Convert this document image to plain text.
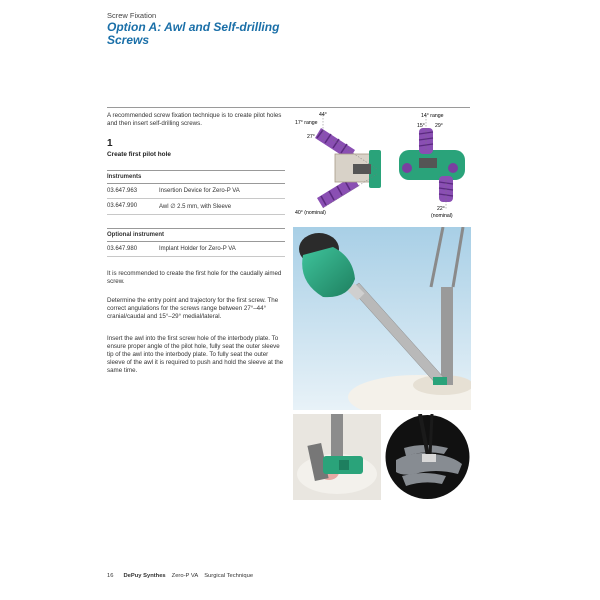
Screw Fixation
Option A: Awl and Self-drilling
Screws
A recommended screw fixation technique is to create pilot holes and then insert self-drilling screws.
1
Create first pilot hole
Instruments
03.647.963	Insertion Device for Zero-P VA
03.647.990	Awl ∅ 2.5 mm, with Sleeve
Optional instrument
03.647.980	Implant Holder for Zero-P VA
It is recommended to create the first hole for the caudally aimed screw.
Determine the entry point and trajectory for the first screw. The correct angulations for the screws range between 27°–44° cranial/caudal and 15°–29° medial/lateral.
Insert the awl into the first screw hole of the interbody plate. To ensure proper angle of the pilot hole, fully seat the outer sleeve tip of the awl into the interbody plate. To fully seat the outer sleeve of the awl it is required to push and hold the sleeve at the same time.
44°
17° range
27°
40° (nominal)
14° range
15° 29°
22°
(nominal)
16 DePuy Synthes Zero-P VA Surgical Technique
